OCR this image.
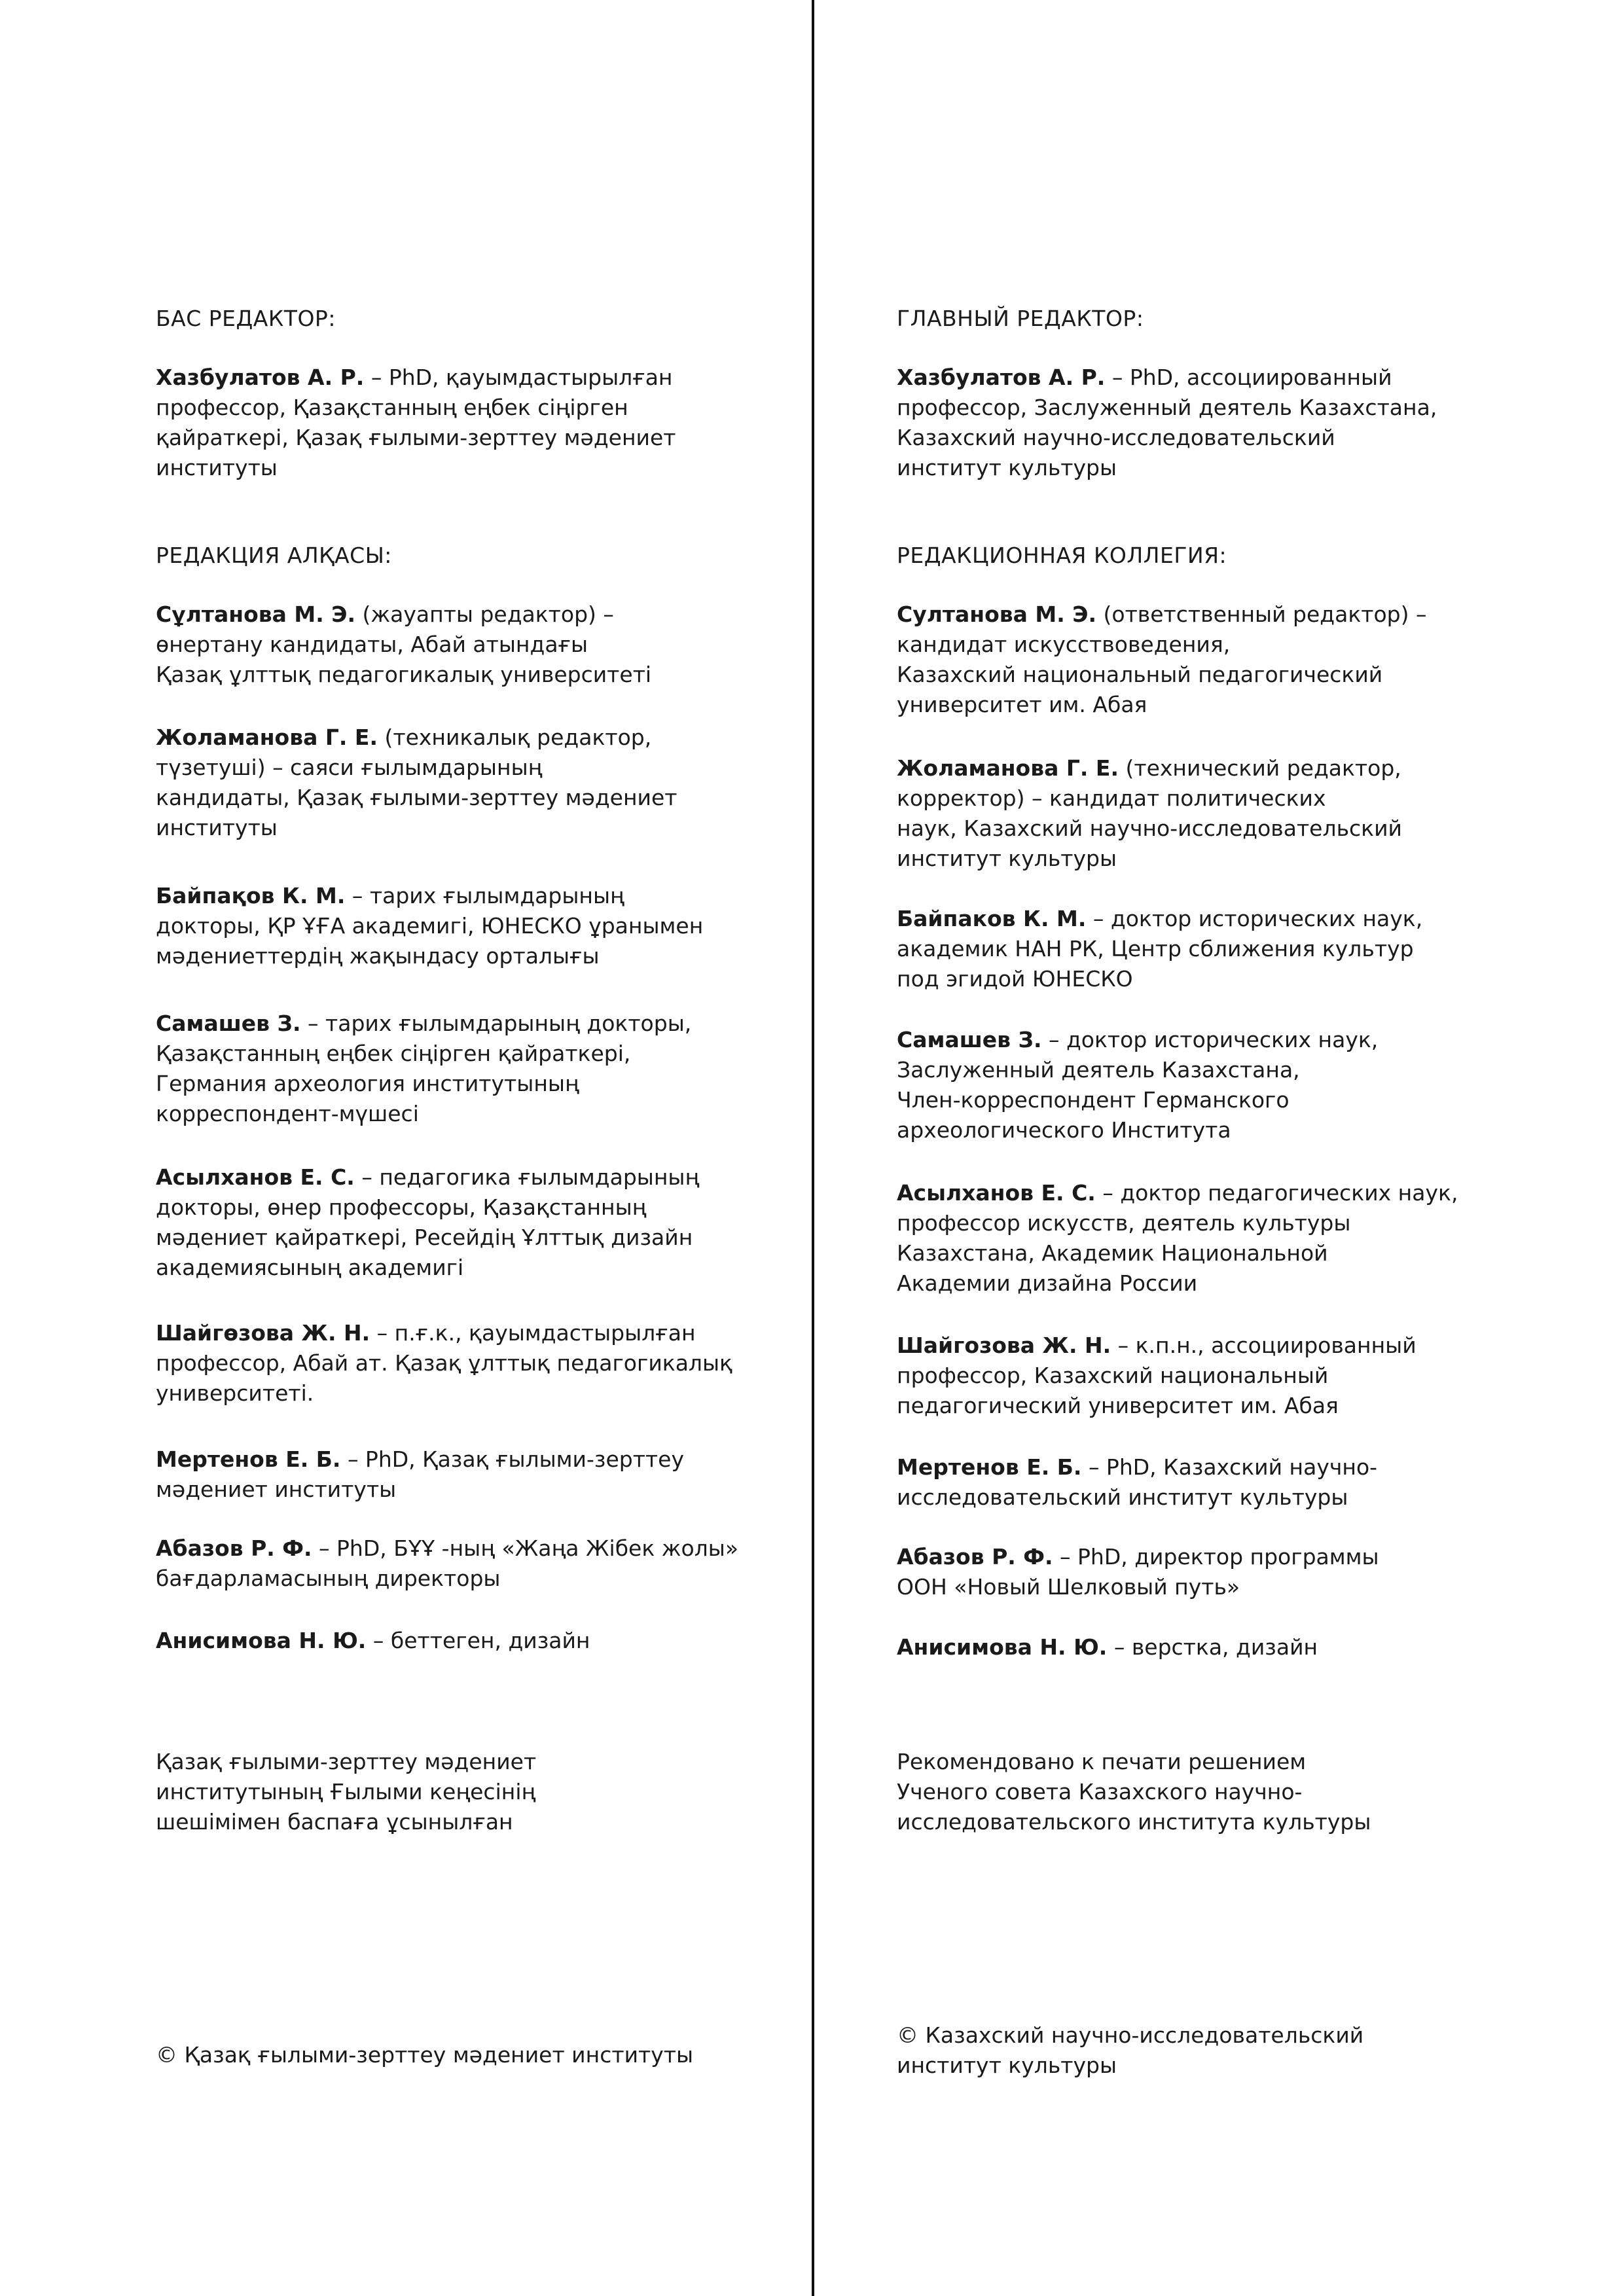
БАС РЕДАКТОР:
Хазбулатов А. Р. – PhD, қауымдастырылған
профессор, Қазақстанның еңбек сіңірген
қайраткері, Қазақ ғылыми-зерттеу мәдениет
институты
РЕДАКЦИЯ АЛҚАСЫ:
Сұлтанова М. Э. (жауапты редактор) –
өнертану кандидаты, Абай атындағы
Қазақ ұлттық педагогикалық университеті
Жоламанова Г. Е. (техникалық редактор,
түзетуші) – саяси ғылымдарының
кандидаты, Қазақ ғылыми-зерттеу мәдениет
институты
Байпақов К. М. – тарих ғылымдарының
докторы, ҚР ҰҒА академигі, ЮНЕСКО ұранымен
мәдениеттердің жақындасу орталығы
Самашев З. – тарих ғылымдарының докторы,
Қазақстанның еңбек сіңірген қайраткері,
Германия археология институтының
корреспондент-мүшесі
Асылханов Е. С. – педагогика ғылымдарының
докторы, өнер профессоры, Қазақстанның
мәдениет қайраткері, Ресейдің Ұлттық дизайн
академиясының академигі
Шайгөзова Ж. Н. – п.ғ.к., қауымдастырылған
профессор, Абай ат. Қазақ ұлттық педагогикалық
университеті.
Мертенов Е. Б. – PhD, Қазақ ғылыми-зерттеу
мәдениет институты
Абазов Р. Ф. – PhD, БҰҰ -ның «Жаңа Жібек жолы»
бағдарламасының директоры
Анисимова Н. Ю. – беттеген, дизайн
Қазақ ғылыми-зерттеу мәдениет
институтының Ғылыми кеңесінің
шешімімен баспаға ұсынылған
© Қазақ ғылыми-зерттеу мәдениет институты
ГЛАВНЫЙ РЕДАКТОР:
Хазбулатов А. Р. – PhD, ассоциированный
профессор, Заслуженный деятель Казахстана,
Казахский научно-исследовательский
институт культуры
РЕДАКЦИОННАЯ КОЛЛЕГИЯ:
Султанова М. Э. (ответственный редактор) –
кандидат искусствоведения,
Казахский национальный педагогический
университет им. Абая
Жоламанова Г. Е. (технический редактор,
корректор) – кандидат политических
наук, Казахский научно-исследовательский
институт культуры
Байпаков К. М. – доктор исторических наук,
академик НАН РК, Центр сближения культур
под эгидой ЮНЕСКО
Самашев З. – доктор исторических наук,
Заслуженный деятель Казахстана,
Член-корреспондент Германского
археологического Института
Асылханов Е. С. – доктор педагогических наук,
профессор искусств, деятель культуры
Казахстана, Академик Национальной
Академии дизайна России
Шайгозова Ж. Н. – к.п.н., ассоциированный
профессор, Казахский национальный
педагогический университет им. Абая
Мертенов Е. Б. – PhD, Казахский научно-
исследовательский институт культуры
Абазов Р. Ф. – PhD, директор программы
ООН «Новый Шелковый путь»
Анисимова Н. Ю. – верстка, дизайн
Рекомендовано к печати решением
Ученого совета Казахского научно-
исследовательского института культуры
© Казахский научно-исследовательский
институт культуры
